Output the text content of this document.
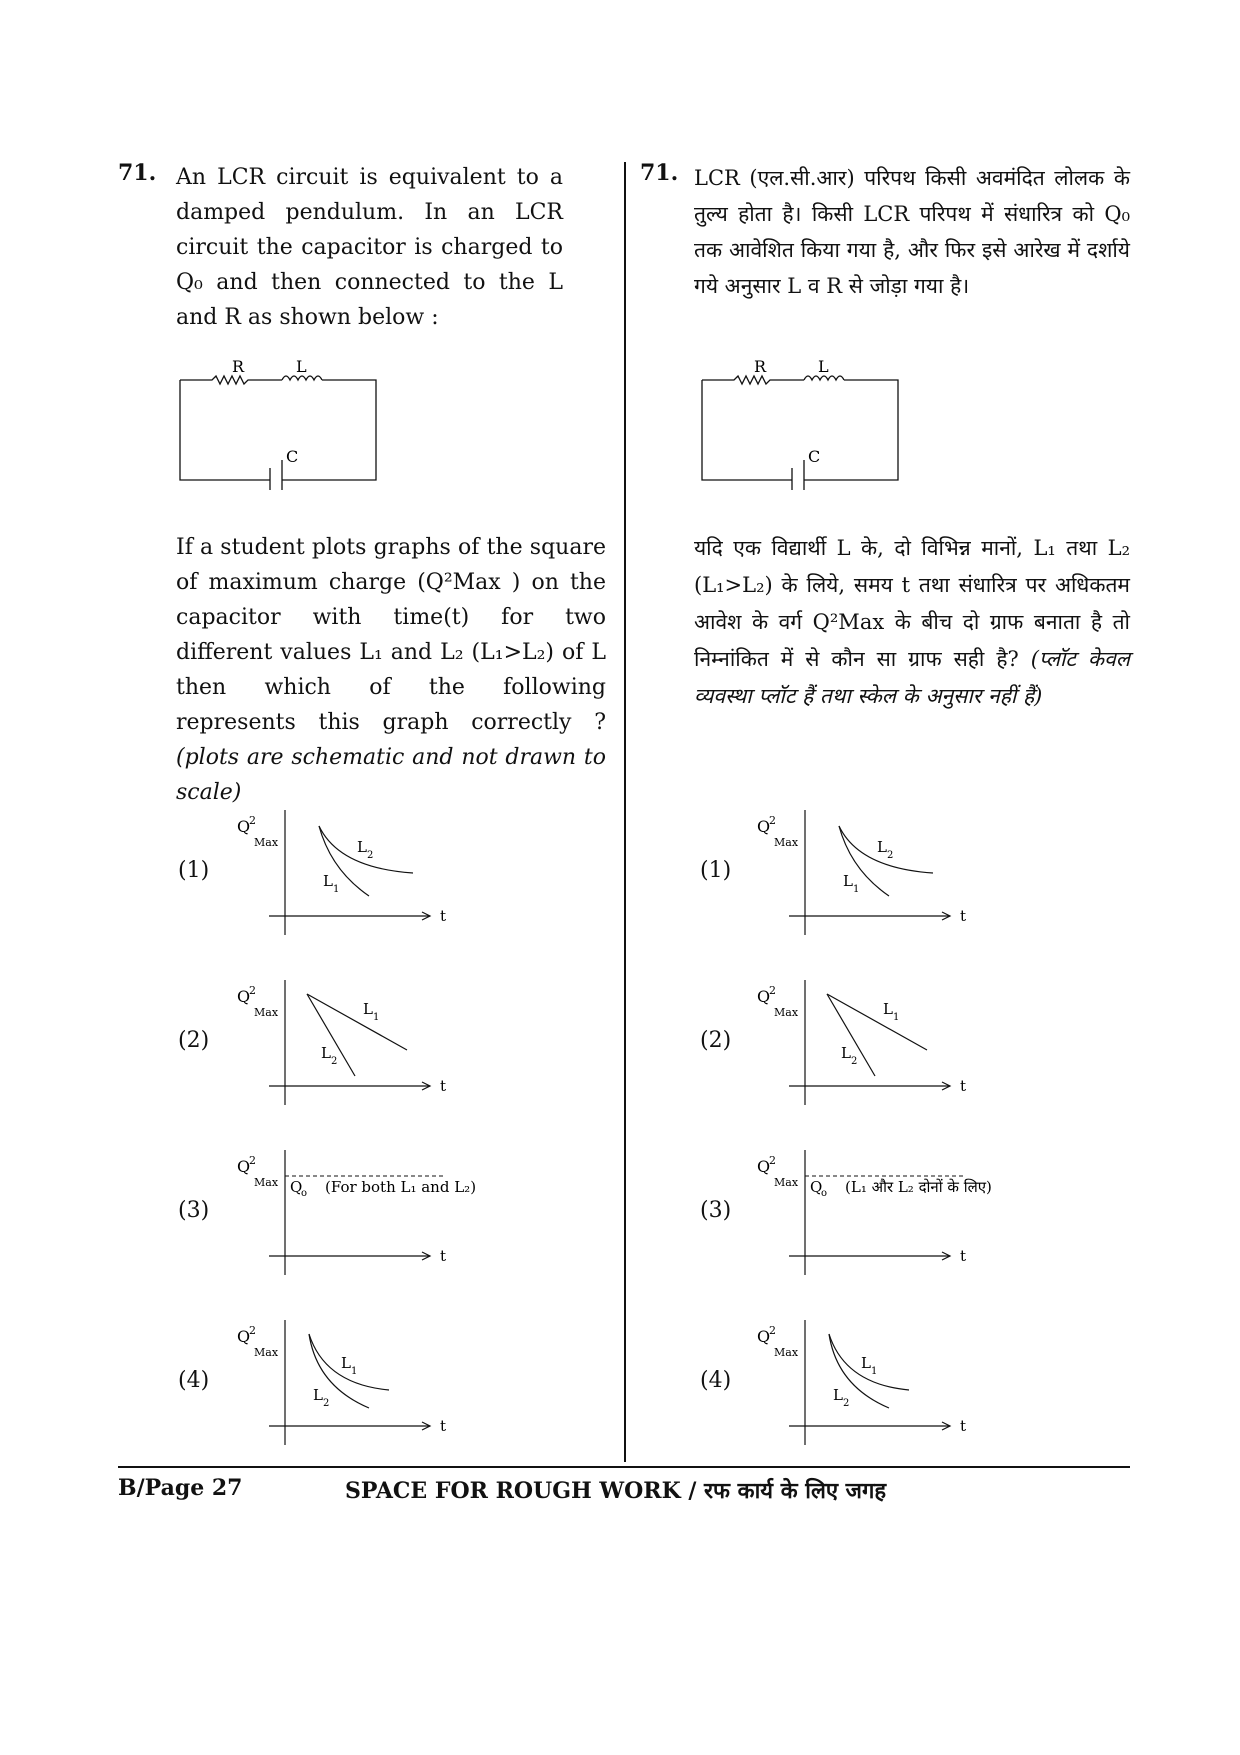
71. An LCR circuit is equivalent to a damped pendulum. In an LCR circuit the capacitor is charged to Q₀ and then connected to the L and R as shown below :
R	L
C
If a student plots graphs of the square of maximum charge (Q²Max ) on the capacitor with time(t) for two different values L₁ and L₂ (L₁>L₂) of L then which of the following represents this graph correctly ? (plots are schematic and not drawn to scale)
71. LCR (एल.सी.आर) परिपथ किसी अवमंदित लोलक के तुल्य होता है। किसी LCR परिपथ में संधारित्र को Q₀ तक आवेशित किया गया है, और फिर इसे आरेख में दर्शाये गये अनुसार L व R से जोड़ा गया है।
R	L
C
यदि एक विद्यार्थी L के, दो विभिन्न मानों, L₁ तथा L₂ (L₁>L₂) के लिये, समय t तथा संधारित्र पर अधिकतम आवेश के वर्ग Q²Max के बीच दो ग्राफ बनाता है तो निम्नांकित में से कौन सा ग्राफ सही है? (प्लॉट केवल व्यवस्था प्लॉट हैं तथा स्केल के अनुसार नहीं हैं)
(1)
(2)
(3)
(4)
(1)
(2)
(3)
(4)
Q
2
Max
t
L 2
L 1
Q
2
Max
t
L 2
L 1
Q
2
Max
t
L 1
L 2
Q
2
Max
t
L 1
L 2
Q
2
Max
t
Q
o (For both L₁ and L₂)
Q
2
Max
t
Q
o (L₁ और L₂ दोनों के लिए)
Q
2
Max
t
L 1
L 2
Q
2
Max
t
L 1
L 2
B/Page 27	SPACE FOR ROUGH WORK / रफ कार्य के लिए जगह
